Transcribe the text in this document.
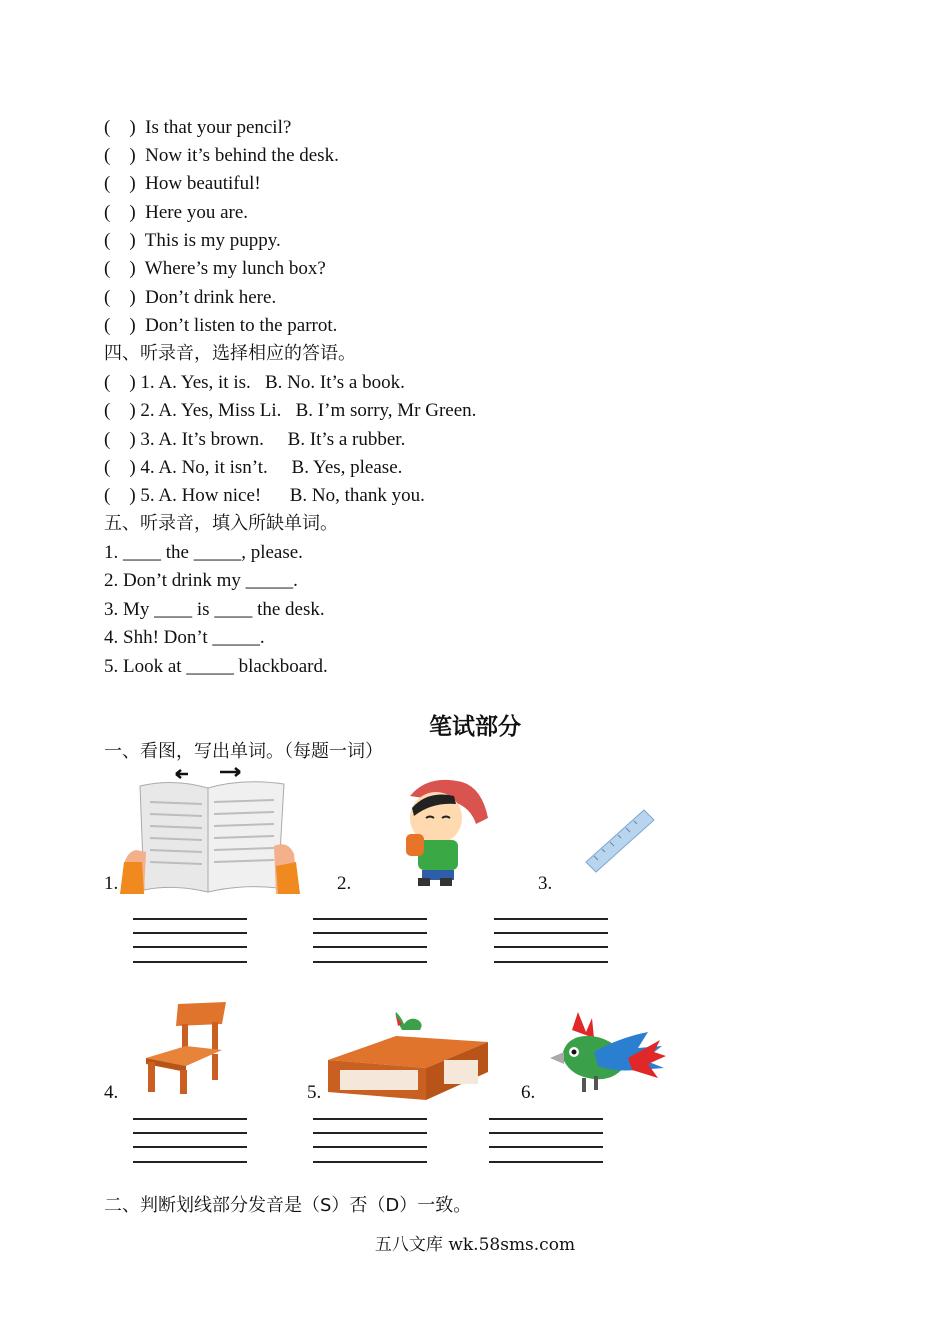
(    )  Is that your pencil?
(    )  Now it’s behind the desk.
(    )  How beautiful!
(    )  Here you are.
(    )  This is my puppy.
(    )  Where’s my lunch box?
(    )  Don’t drink here.
(    )  Don’t listen to the parrot.
四、听录音，选择相应的答语。
(    ) 1. A. Yes, it is.   B. No. It’s a book.
(    ) 2. A. Yes, Miss Li.   B. I’m sorry, Mr Green.
(    ) 3. A. It’s brown.     B. It’s a rubber.
(    ) 4. A. No, it isn’t.     B. Yes, please.
(    ) 5. A. How nice!      B. No, thank you.
五、听录音，填入所缺单词。
1. ____ the _____, please.
2. Don’t drink my _____.
3. My ____ is ____ the desk.
4. Shh! Don’t _____.
5. Look at _____ blackboard.
笔试部分
一、看图，写出单词。（每题一词）
1.	2.	3.
4.	5.	6.
二、判断划线部分发音是（S）否（D）一致。
五八文库 wk.58sms.com
